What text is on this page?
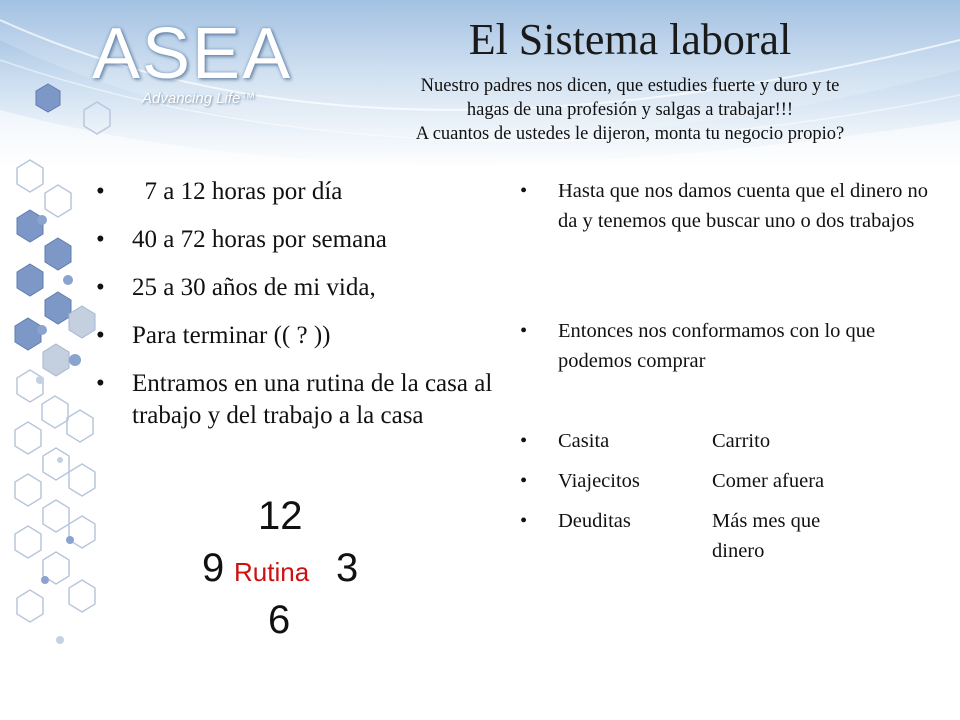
ASEA
Advancing Life™
El Sistema laboral
Nuestro padres nos dicen, que estudies fuerte y duro y te
hagas de una profesión y salgas a trabajar!!!
A cuantos de ustedes le dijeron, monta tu negocio propio?
• 7 a 12 horas por día
• 40 a 72 horas por semana
• 25 a 30 años de mi vida,
• Para terminar (( ? ))
• Entramos en una rutina de la casa al trabajo y del trabajo a la casa
• Hasta que nos damos cuenta que el dinero no da y tenemos que buscar uno o dos trabajos
• Entonces nos conformamos con lo que podemos comprar
• Casita	Carrito
• Viajecitos	Comer afuera
• Deuditas	Más mes que dinero
12
9 Rutina 3
6
